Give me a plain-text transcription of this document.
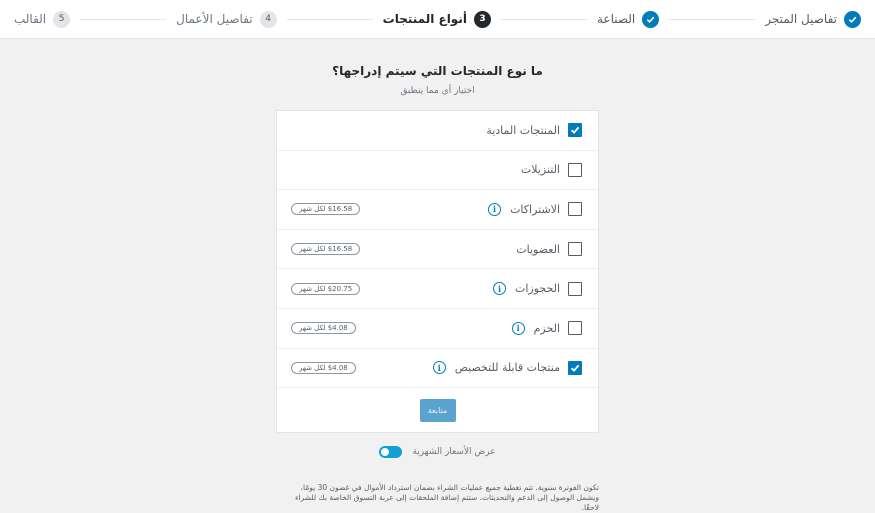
تفاصيل المتجر
الصناعة
3
أنواع المنتجات
4
تفاصيل الأعمال
5
القالب
ما نوع المنتجات التي سيتم إدراجها؟
اختيار أي مما ينطبق
المنتجات المادية
التنزيلات
الاشتراكات
i
$16.58 لكل شهر
العضويات
$16.58 لكل شهر
الحجوزات
i
$20.75 لكل شهر
الحزم
i
$4.08 لكل شهر
منتجات قابلة للتخصيص
i
$4.08 لكل شهر
متابعة
عرض الأسعار الشهرية
تكون الفوترة سنوية. تتم تغطية جميع عمليات الشراء بضمان استرداد الأموال في غضون 30 يومًا، ويشمل الوصول إلى الدعم والتحديثات. ستتم إضافة الملحقات إلى عربة التسوق الخاصة بك للشراء لاحقًا.
